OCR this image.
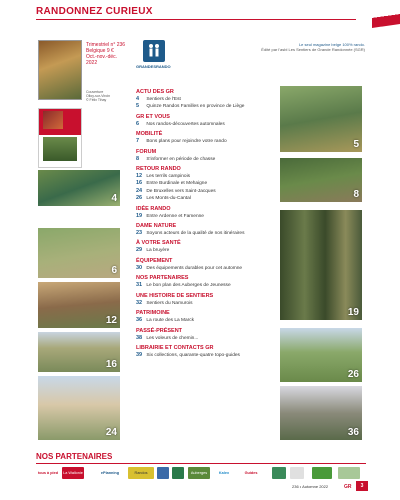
RANDONNEZ CURIEUX
Trimestriel n° 236
Belgique 9 €
Oct.-nov.-déc.
2022
Couverture
Olloy-sur-Viroin
© Félix Tihay
GRANDESRANDO
Le seul magazine belge 100% rando.
Édité par l'asbl Les Sentiers de Grande Randonnée (SGR)
4
6
12
16
24
5
8
19
26
36
ACTU DES GR
4 Sentiers de l'Est
5 Quinze Randos Familles en province de Liège
GR ET VOUS
6 Nos randos-découvertes automnales
MOBILITÉ
7 Bons plans pour rejoindre votre rando
FORUM
8 S'informer en période de chasse
RETOUR RANDO
12 Les terrils campinois
16 Entre Burdinale et Mehaigne
24 De Bruxelles vers Saint-Jacques
26 Les Monts-du-Cantal
IDÉE RANDO
19 Entre Ardenne et Famenne
DAME NATURE
23 Soyons acteurs de la qualité de nos itinéraires
À VOTRE SANTÉ
29 La bruyère
ÉQUIPEMENT
30 Des équipements durables pour cet automne
NOS PARTENAIRES
31 Le bon plan des Auberges de Jeunesse
UNE HISTOIRE DE SENTIERS
32 Sentiers du Namurois
PATRIMOINE
36 La route des La Marck
PASSÉ-PRÉSENT
38 Les voleurs de chemin...
LIBRAIRIE ET CONTACTS GR
39 Six collections, quarante-quatre topo-guides
NOS PARTENAIRES
tous à pied	La Wallonie	ePlanning	Randos	Auberges	Kalex	Guides
236 • Automne 2022	GR	3
